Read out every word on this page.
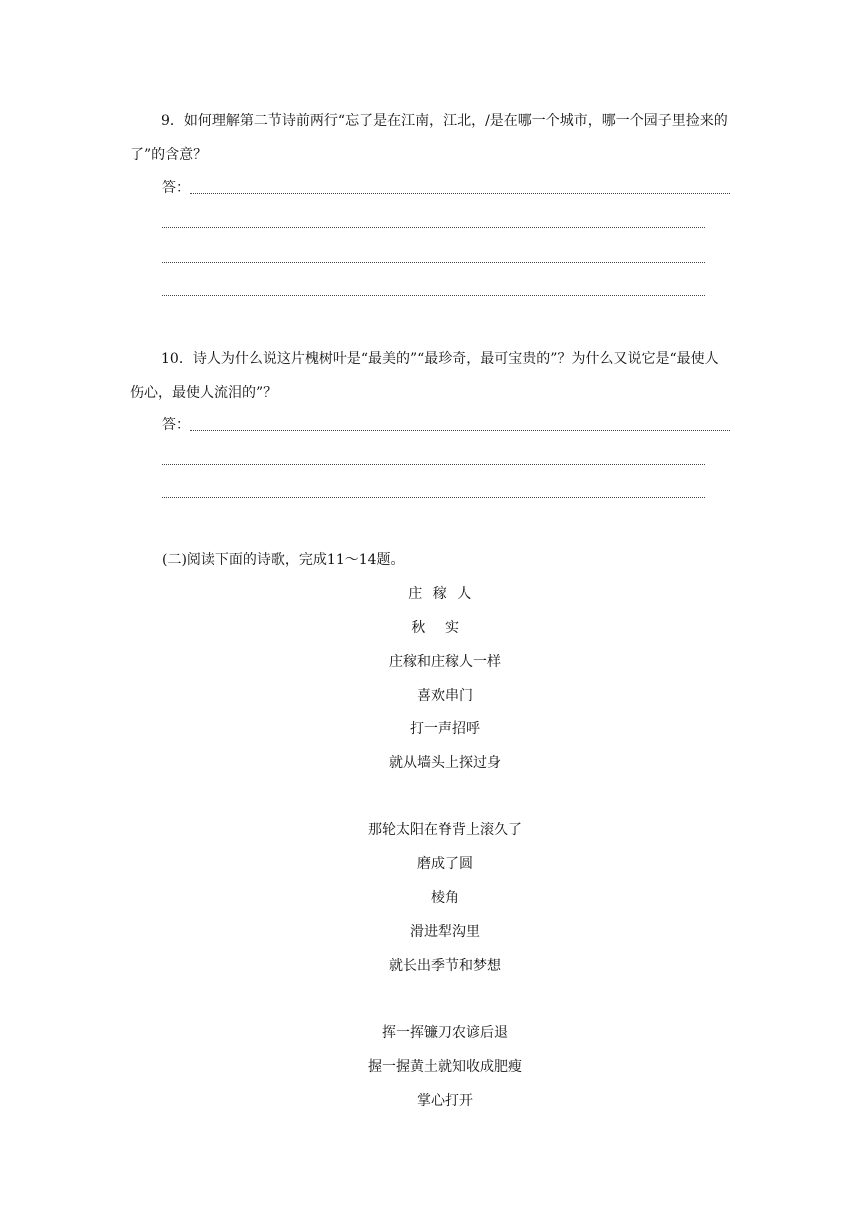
9．如何理解第二节诗前两行“忘了是在江南，江北，/是在哪一个城市，哪一个园子里捡来的了”的含意？

答：

10．诗人为什么说这片槐树叶是“最美的”“最珍奇，最可宝贵的”？为什么又说它是“最使人伤心，最使人流泪的”？

答：

(二)阅读下面的诗歌，完成11～14题。

庄稼人

秋实

庄稼和庄稼人一样

喜欢串门

打一声招呼

就从墙头上探过身

那轮太阳在脊背上滚久了

磨成了圆

棱角

滑进犁沟里

就长出季节和梦想

挥一挥镰刀农谚后退

握一握黄土就知收成肥瘦

掌心打开
